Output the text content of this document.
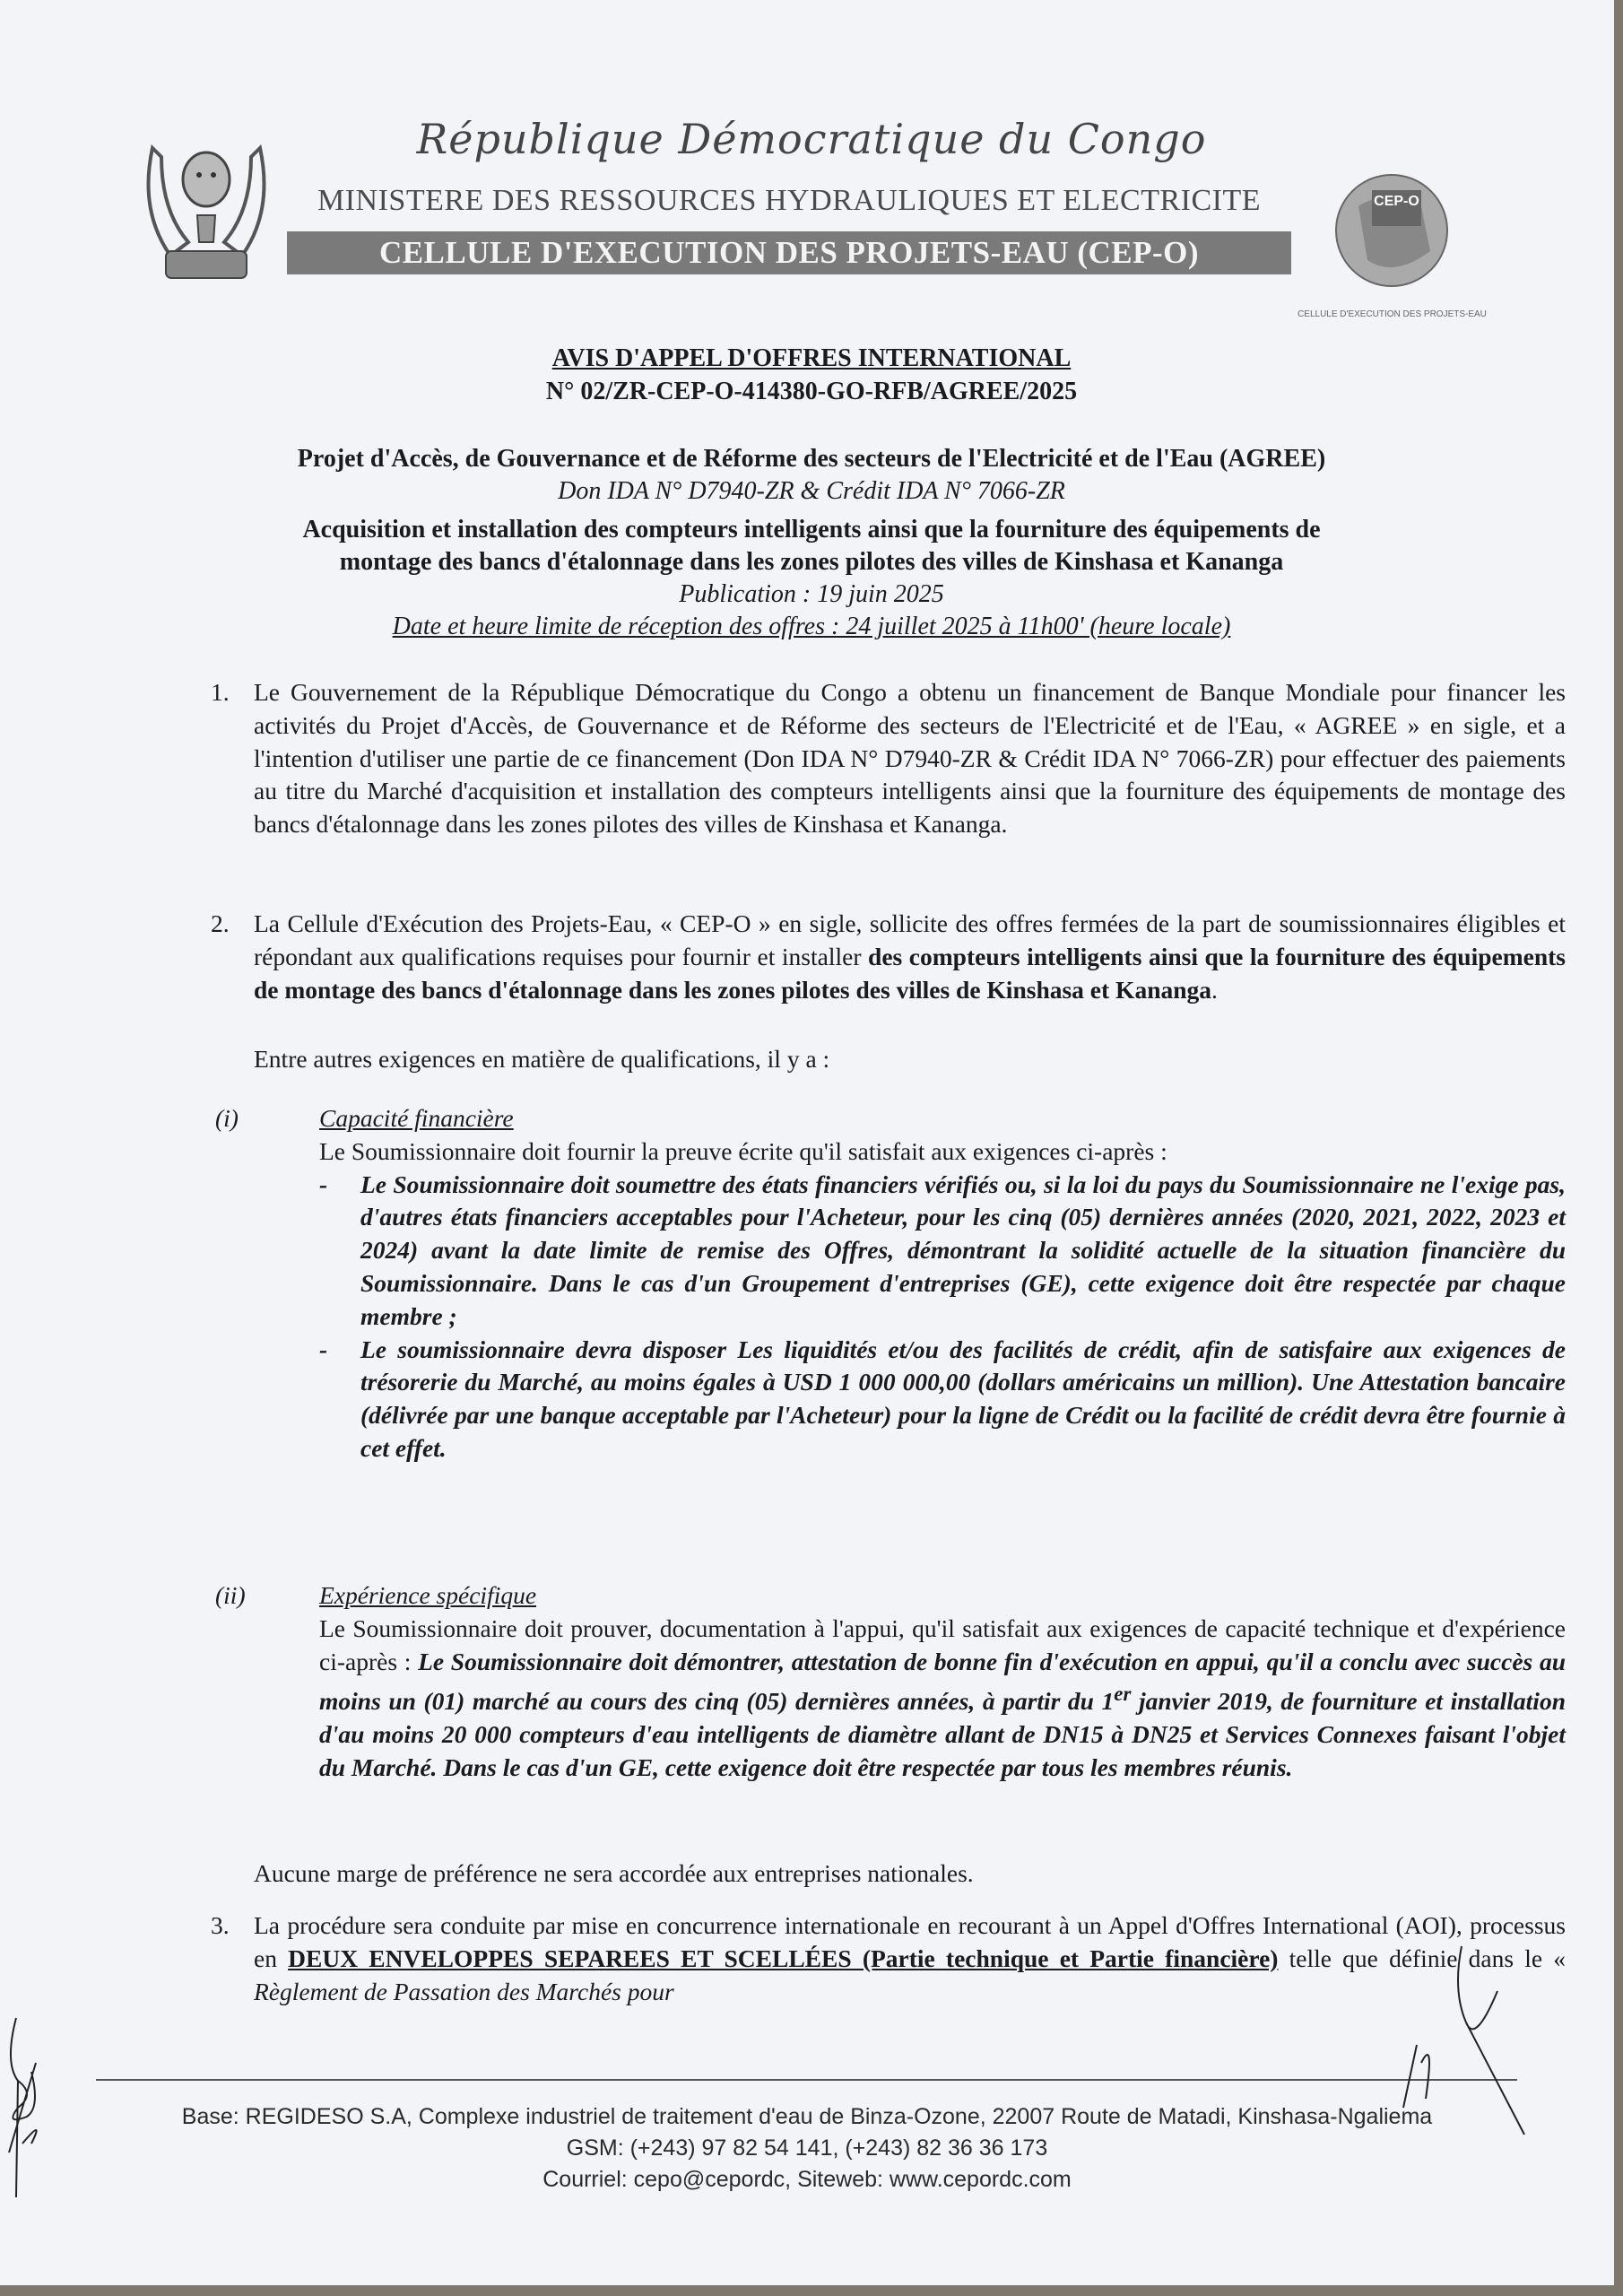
République Démocratique du Congo
MINISTERE DES RESSOURCES HYDRAULIQUES ET ELECTRICITE
CELLULE D'EXECUTION DES PROJETS-EAU (CEP-O)
CEP-O
CELLULE D'EXECUTION DES PROJETS-EAU
AVIS D'APPEL D'OFFRES INTERNATIONAL
N° 02/ZR-CEP-O-414380-GO-RFB/AGREE/2025
Projet d'Accès, de Gouvernance et de Réforme des secteurs de l'Electricité et de l'Eau (AGREE)
Don IDA N° D7940-ZR & Crédit IDA N° 7066-ZR
Acquisition et installation des compteurs intelligents ainsi que la fourniture des équipements de
montage des bancs d'étalonnage dans les zones pilotes des villes de Kinshasa et Kananga
Publication : 19 juin 2025
Date et heure limite de réception des offres : 24 juillet 2025 à 11h00' (heure locale)
1. Le Gouvernement de la République Démocratique du Congo a obtenu un financement de Banque Mondiale pour financer les activités du Projet d'Accès, de Gouvernance et de Réforme des secteurs de l'Electricité et de l'Eau, « AGREE » en sigle, et a l'intention d'utiliser une partie de ce financement (Don IDA N° D7940-ZR & Crédit IDA N° 7066-ZR) pour effectuer des paiements au titre du Marché d'acquisition et installation des compteurs intelligents ainsi que la fourniture des équipements de montage des bancs d'étalonnage dans les zones pilotes des villes de Kinshasa et Kananga.
2. La Cellule d'Exécution des Projets-Eau, « CEP-O » en sigle, sollicite des offres fermées de la part de soumissionnaires éligibles et répondant aux qualifications requises pour fournir et installer des compteurs intelligents ainsi que la fourniture des équipements de montage des bancs d'étalonnage dans les zones pilotes des villes de Kinshasa et Kananga.
Entre autres exigences en matière de qualifications, il y a :
(i)	Capacité financière
Le Soumissionnaire doit fournir la preuve écrite qu'il satisfait aux exigences ci-après :
- Le Soumissionnaire doit soumettre des états financiers vérifiés ou, si la loi du pays du Soumissionnaire ne l'exige pas, d'autres états financiers acceptables pour l'Acheteur, pour les cinq (05) dernières années (2020, 2021, 2022, 2023 et 2024) avant la date limite de remise des Offres, démontrant la solidité actuelle de la situation financière du Soumissionnaire. Dans le cas d'un Groupement d'entreprises (GE), cette exigence doit être respectée par chaque membre ;
- Le soumissionnaire devra disposer Les liquidités et/ou des facilités de crédit, afin de satisfaire aux exigences de trésorerie du Marché, au moins égales à USD 1 000 000,00 (dollars américains un million). Une Attestation bancaire (délivrée par une banque acceptable par l'Acheteur) pour la ligne de Crédit ou la facilité de crédit devra être fournie à cet effet.
(ii)	Expérience spécifique
Le Soumissionnaire doit prouver, documentation à l'appui, qu'il satisfait aux exigences de capacité technique et d'expérience ci-après : Le Soumissionnaire doit démontrer, attestation de bonne fin d'exécution en appui, qu'il a conclu avec succès au moins un (01) marché au cours des cinq (05) dernières années, à partir du 1er janvier 2019, de fourniture et installation d'au moins 20 000 compteurs d'eau intelligents de diamètre allant de DN15 à DN25 et Services Connexes faisant l'objet du Marché. Dans le cas d'un GE, cette exigence doit être respectée par tous les membres réunis.
Aucune marge de préférence ne sera accordée aux entreprises nationales.
3. La procédure sera conduite par mise en concurrence internationale en recourant à un Appel d'Offres International (AOI), processus en DEUX ENVELOPPES SEPAREES ET SCELLÉES (Partie technique et Partie financière) telle que définie dans le « Règlement de Passation des Marchés pour
Base: REGIDESO S.A, Complexe industriel de traitement d'eau de Binza-Ozone, 22007 Route de Matadi, Kinshasa-Ngaliema
GSM: (+243) 97 82 54 141, (+243) 82 36 36 173
Courriel: cepo@cepordc, Siteweb: www.cepordc.com
